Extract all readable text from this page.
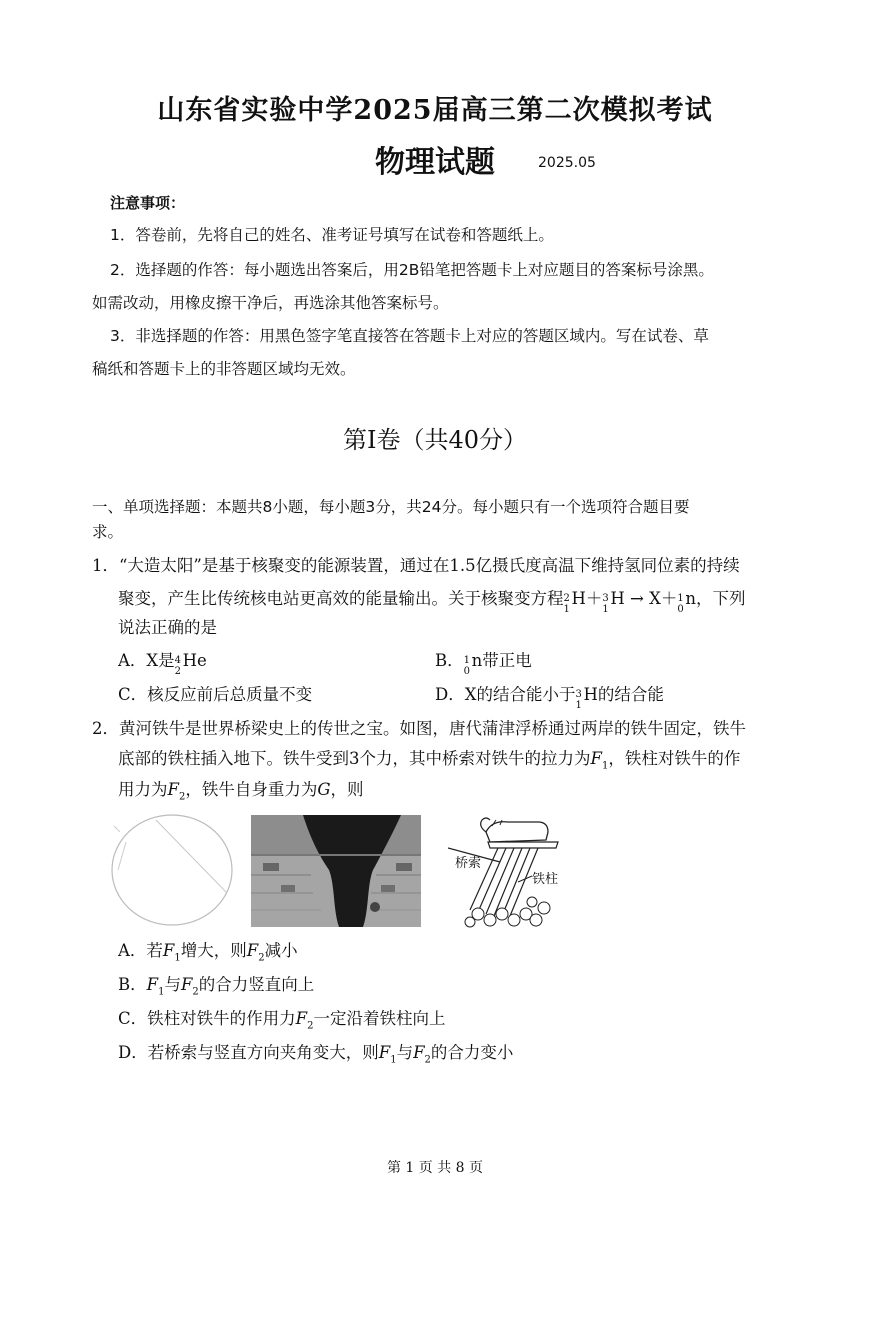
山东省实验中学2025届高三第二次模拟考试
物理试题	2025.05
注意事项：
1．答卷前，先将自己的姓名、准考证号填写在试卷和答题纸上。
2．选择题的作答：每小题选出答案后，用2B铅笔把答题卡上对应题目的答案标号涂黑。
如需改动，用橡皮擦干净后，再选涂其他答案标号。
3．非选择题的作答：用黑色签字笔直接答在答题卡上对应的答题区域内。写在试卷、草
稿纸和答题卡上的非答题区域均无效。
第Ⅰ卷（共40分）
一、单项选择题：本题共8小题，每小题3分，共24分。每小题只有一个选项符合题目要
求。
1．“大造太阳”是基于核聚变的能源装置，通过在1.5亿摄氏度高温下维持氢同位素的持续
聚变，产生比传统核电站更高效的能量输出。关于核聚变方程 2
1
H＋ 3
1
H → X＋ 1
0
n，下列
说法正确的是
A．X是 4
2
He	B． 1
0
n带正电
C．核反应前后总质量不变	D．X的结合能小于 3
1
H的结合能
2．黄河铁牛是世界桥梁史上的传世之宝。如图，唐代蒲津浮桥通过两岸的铁牛固定，铁牛
底部的铁柱插入地下。铁牛受到3个力，其中桥索对铁牛的拉力为$F_1$，铁柱对铁牛的作
用力为$F_2$，铁牛自身重力为G，则
桥索
铁柱
A．若$F_1$增大，则$F_2$减小
B．$F_1$与$F_2$的合力竖直向上
C．铁柱对铁牛的作用力$F_2$一定沿着铁柱向上
D．若桥索与竖直方向夹角变大，则$F_1$与$F_2$的合力变小
第 1 页 共 8 页
